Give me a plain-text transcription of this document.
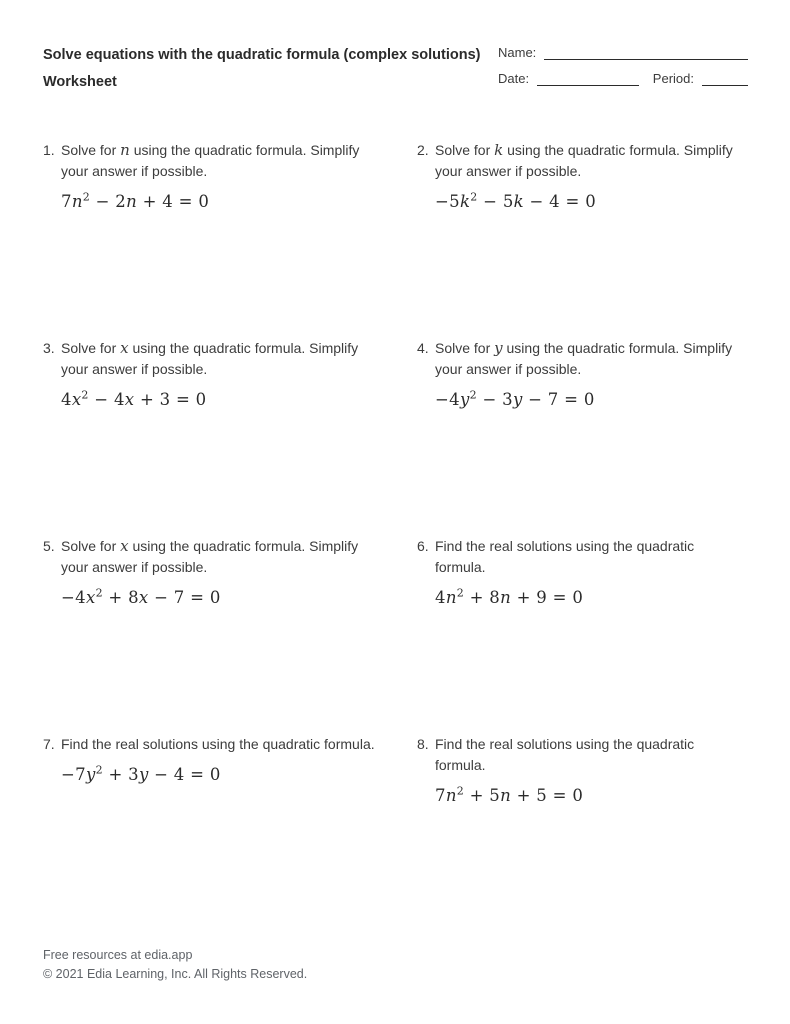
Solve equations with the quadratic formula (complex solutions)
Worksheet
Name:
Date:	Period:
1. Solve for n using the quadratic formula. Simplify your answer if possible.
$7n^2 - 2n + 4 = 0$
2. Solve for k using the quadratic formula. Simplify your answer if possible.
$-5k^2 - 5k - 4 = 0$
3. Solve for x using the quadratic formula. Simplify your answer if possible.
$4x^2 - 4x + 3 = 0$
4. Solve for y using the quadratic formula. Simplify your answer if possible.
$-4y^2 - 3y - 7 = 0$
5. Solve for x using the quadratic formula. Simplify your answer if possible.
$-4x^2 + 8x - 7 = 0$
6. Find the real solutions using the quadratic formula.
$4n^2 + 8n + 9 = 0$
7. Find the real solutions using the quadratic formula.
$-7y^2 + 3y - 4 = 0$
8. Find the real solutions using the quadratic formula.
$7n^2 + 5n + 5 = 0$
Free resources at edia.app
© 2021 Edia Learning, Inc. All Rights Reserved.
